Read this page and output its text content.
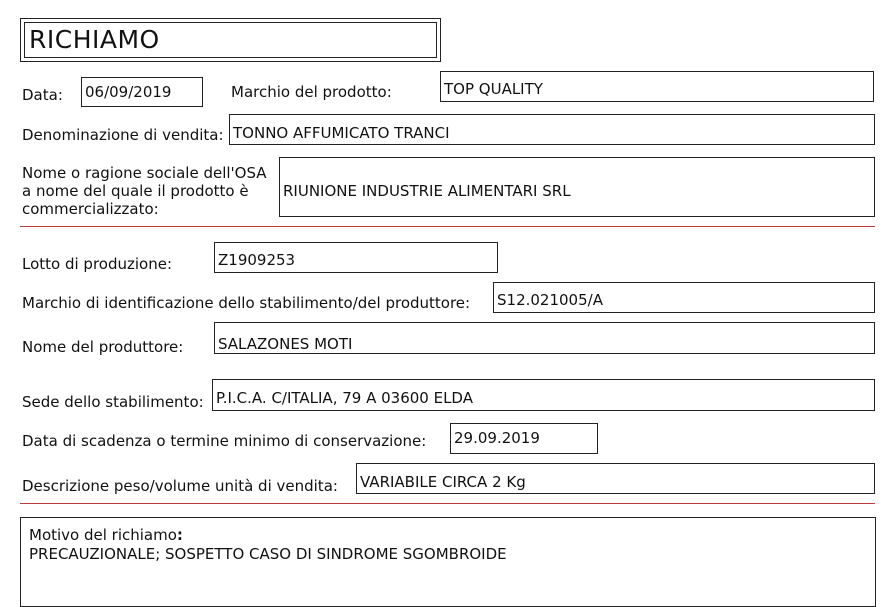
RICHIAMO
Data: 06/09/2019	Marchio del prodotto:	TOP QUALITY
Denominazione di vendita: TONNO AFFUMICATO TRANCI
Nome o ragione sociale dell'OSA
a nome del quale il prodotto è
commercializzato:
RIUNIONE INDUSTRIE ALIMENTARI SRL
Lotto di produzione:	Z1909253
Marchio di identificazione dello stabilimento/del produttore: S12.021005/A
Nome del produttore: SALAZONES MOTI
Sede dello stabilimento: P.I.C.A. C/ITALIA, 79 A 03600 ELDA
Data di scadenza o termine minimo di conservazione: 29.09.2019
Descrizione peso/volume unità di vendita: VARIABILE CIRCA 2 Kg
Motivo del richiamo:
PRECAUZIONALE; SOSPETTO CASO DI SINDROME SGOMBROIDE
